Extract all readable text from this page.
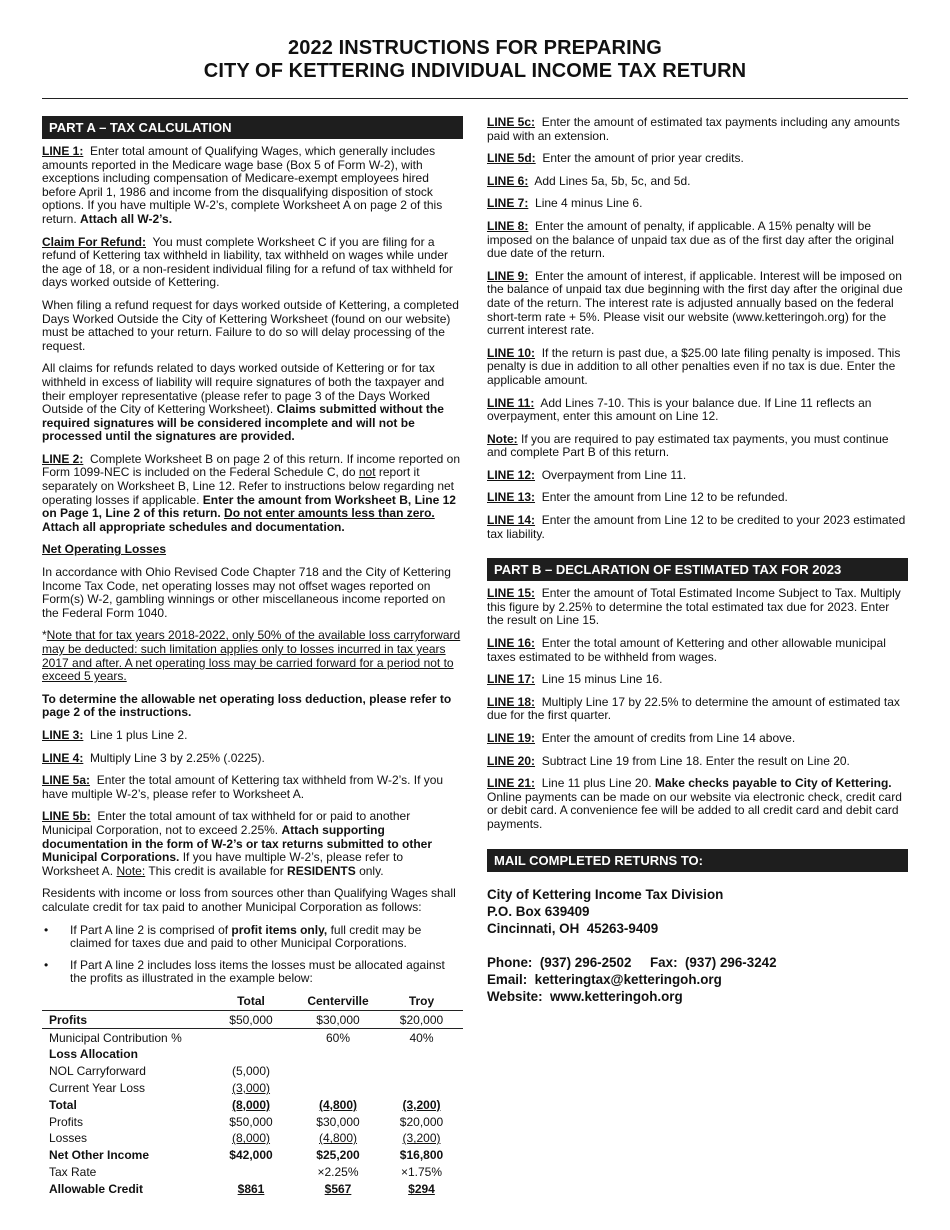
2022 INSTRUCTIONS FOR PREPARING
CITY OF KETTERING INDIVIDUAL INCOME TAX RETURN
PART A – TAX CALCULATION

LINE 1: Enter total amount of Qualifying Wages, which generally includes amounts reported in the Medicare wage base (Box 5 of Form W-2), with exceptions including compensation of Medicare-exempt employees hired before April 1, 1986 and income from the disqualifying disposition of stock options. If you have multiple W-2’s, complete Worksheet A on page 2 of this return. Attach all W-2’s.

Claim For Refund: You must complete Worksheet C if you are filing for a refund of Kettering tax withheld in liability, tax withheld on wages while under the age of 18, or a non-resident individual filing for a refund of tax withheld for days worked outside of Kettering.

When filing a refund request for days worked outside of Kettering, a completed Days Worked Outside the City of Kettering Worksheet (found on our website) must be attached to your return. Failure to do so will delay processing of the request.

All claims for refunds related to days worked outside of Kettering or for tax withheld in excess of liability will require signatures of both the taxpayer and their employer representative (please refer to page 3 of the Days Worked Outside of the City of Kettering Worksheet). Claims submitted without the required signatures will be considered incomplete and will not be processed until the signatures are provided.

LINE 2: Complete Worksheet B on page 2 of this return. If income reported on Form 1099-NEC is included on the Federal Schedule C, do not report it separately on Worksheet B, Line 12. Refer to instructions below regarding net operating losses if applicable. Enter the amount from Worksheet B, Line 12 on Page 1, Line 2 of this return. Do not enter amounts less than zero. Attach all appropriate schedules and documentation.

Net Operating Losses

In accordance with Ohio Revised Code Chapter 718 and the City of Kettering Income Tax Code, net operating losses may not offset wages reported on Form(s) W-2, gambling winnings or other miscellaneous income reported on the Federal Form 1040.

*Note that for tax years 2018-2022, only 50% of the available loss carryforward may be deducted: such limitation applies only to losses incurred in tax years 2017 and after. A net operating loss may be carried forward for a period not to exceed 5 years.

To determine the allowable net operating loss deduction, please refer to page 2 of the instructions.

LINE 3: Line 1 plus Line 2.

LINE 4: Multiply Line 3 by 2.25% (.0225).

LINE 5a: Enter the total amount of Kettering tax withheld from W-2’s. If you have multiple W-2’s, please refer to Worksheet A.

LINE 5b: Enter the total amount of tax withheld for or paid to another Municipal Corporation, not to exceed 2.25%. Attach supporting documentation in the form of W-2’s or tax returns submitted to other Municipal Corporations. If you have multiple W-2’s, please refer to Worksheet A. Note: This credit is available for RESIDENTS only.

Residents with income or loss from sources other than Qualifying Wages shall calculate credit for tax paid to another Municipal Corporation as follows:

• If Part A line 2 is comprised of profit items only, full credit may be claimed for taxes due and paid to other Municipal Corporations.
• If Part A line 2 includes loss items the losses must be allocated against the profits as illustrated in the example below:
	Total	Centerville	Troy
Profits	$50,000	$30,000	$20,000
Municipal Contribution %		60%	40%
Loss Allocation			
NOL Carryforward	(5,000)		
Current Year Loss	(3,000)		
Total	(8,000)	(4,800)	(3,200)
Profits	$50,000	$30,000	$20,000
Losses	(8,000)	(4,800)	(3,200)
Net Other Income	$42,000	$25,200	$16,800
Tax Rate		×2.25%	×1.75%
Allowable Credit	$861	$567	$294

LINE 5c: Enter the amount of estimated tax payments including any amounts paid with an extension.

LINE 5d: Enter the amount of prior year credits.

LINE 6: Add Lines 5a, 5b, 5c, and 5d.

LINE 7: Line 4 minus Line 6.

LINE 8: Enter the amount of penalty, if applicable. A 15% penalty will be imposed on the balance of unpaid tax due as of the first day after the original due date of the return.

LINE 9: Enter the amount of interest, if applicable. Interest will be imposed on the balance of unpaid tax due beginning with the first day after the original due date of the return. The interest rate is adjusted annually based on the federal short-term rate + 5%. Please visit our website (www.ketteringoh.org) for the current interest rate.

LINE 10: If the return is past due, a $25.00 late filing penalty is imposed. This penalty is due in addition to all other penalties even if no tax is due. Enter the applicable amount.

LINE 11: Add Lines 7-10. This is your balance due. If Line 11 reflects an overpayment, enter this amount on Line 12.

Note: If you are required to pay estimated tax payments, you must continue and complete Part B of this return.

LINE 12: Overpayment from Line 11.

LINE 13: Enter the amount from Line 12 to be refunded.

LINE 14: Enter the amount from Line 12 to be credited to your 2023 estimated tax liability.

PART B – DECLARATION OF ESTIMATED TAX FOR 2023

LINE 15: Enter the amount of Total Estimated Income Subject to Tax. Multiply this figure by 2.25% to determine the total estimated tax due for 2023. Enter the result on Line 15.

LINE 16: Enter the total amount of Kettering and other allowable municipal taxes estimated to be withheld from wages.

LINE 17: Line 15 minus Line 16.

LINE 18: Multiply Line 17 by 22.5% to determine the amount of estimated tax due for the first quarter.

LINE 19: Enter the amount of credits from Line 14 above.

LINE 20: Subtract Line 19 from Line 18. Enter the result on Line 20.

LINE 21: Line 11 plus Line 20. Make checks payable to City of Kettering. Online payments can be made on our website via electronic check, credit card or debit card. A convenience fee will be added to all credit card and debit card payments.

MAIL COMPLETED RETURNS TO:
City of Kettering Income Tax Division
P.O. Box 639409
Cincinnati, OH  45263-9409
Phone:  (937) 296-2502     Fax:  (937) 296-3242
Email:  ketteringtax@ketteringoh.org
Website:  www.ketteringoh.org
